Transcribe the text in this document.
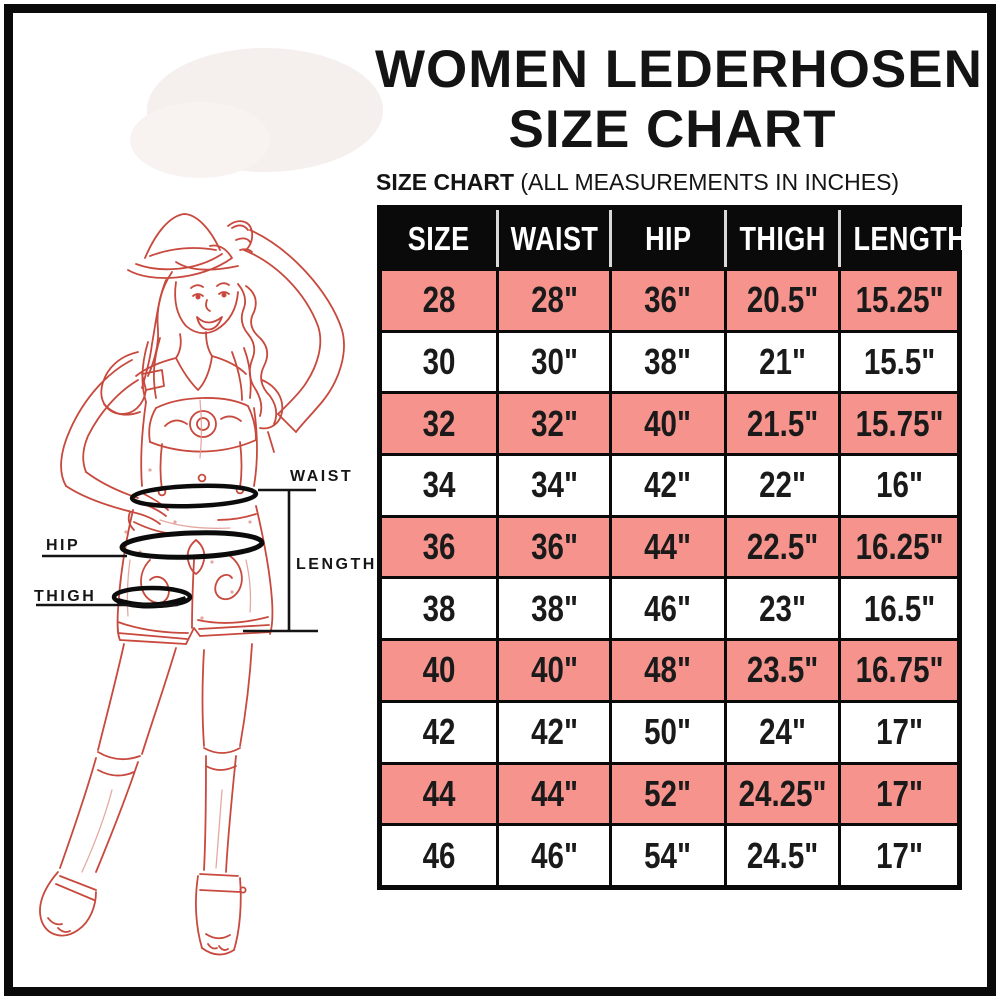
WAIST
HIP
THIGH
LENGTH
WOMEN LEDERHOSEN
SIZE CHART
SIZE CHART (ALL MEASUREMENTS IN INCHES)
SIZE	WAIST	HIP	THIGH	LENGTH
28	28"	36"	20.5"	15.25"
30	30"	38"	21"	15.5"
32	32"	40"	21.5"	15.75"
34	34"	42"	22"	16"
36	36"	44"	22.5"	16.25"
38	38"	46"	23"	16.5"
40	40"	48"	23.5"	16.75"
42	42"	50"	24"	17"
44	44"	52"	24.25"	17"
46	46"	54"	24.5"	17"
